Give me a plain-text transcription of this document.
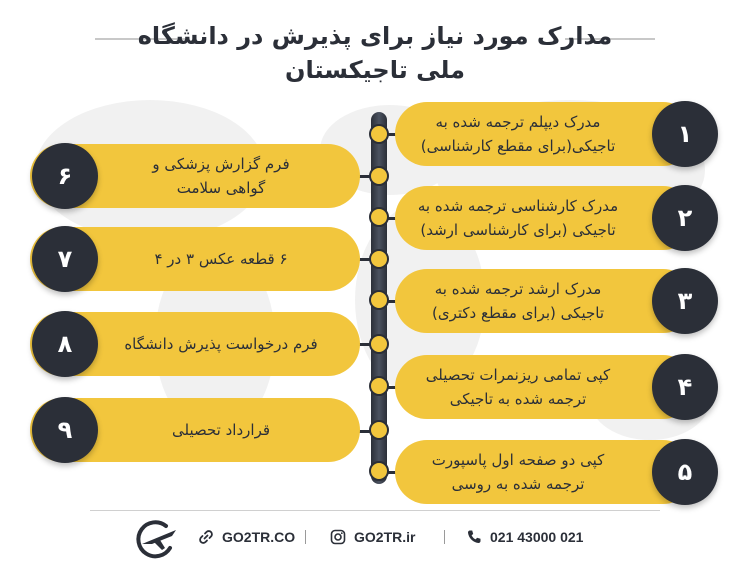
مدارک مورد نیاز برای پذیرش در دانشگاه
ملی تاجیکستان
مدرک دیپلم ترجمه شده به
تاجیکی(برای مقطع کارشناسی)	۱
مدرک کارشناسی ترجمه شده به
تاجیکی (برای کارشناسی ارشد)	۲
مدرک ارشد ترجمه شده به
تاجیکی (برای مقطع دکتری)	۳
کپی تمامی ریزنمرات تحصیلی
ترجمه شده به تاجیکی	۴
کپی دو صفحه اول پاسپورت
ترجمه شده به روسی	۵
فرم گزارش پزشکی و
گواهی سلامت
۶
۶ قطعه عکس ۳ در ۴
۷
فرم درخواست پذیرش دانشگاه
۸
قرارداد تحصیلی
۹
GO2TR.CO	GO2TR.ir	021 43000 021
